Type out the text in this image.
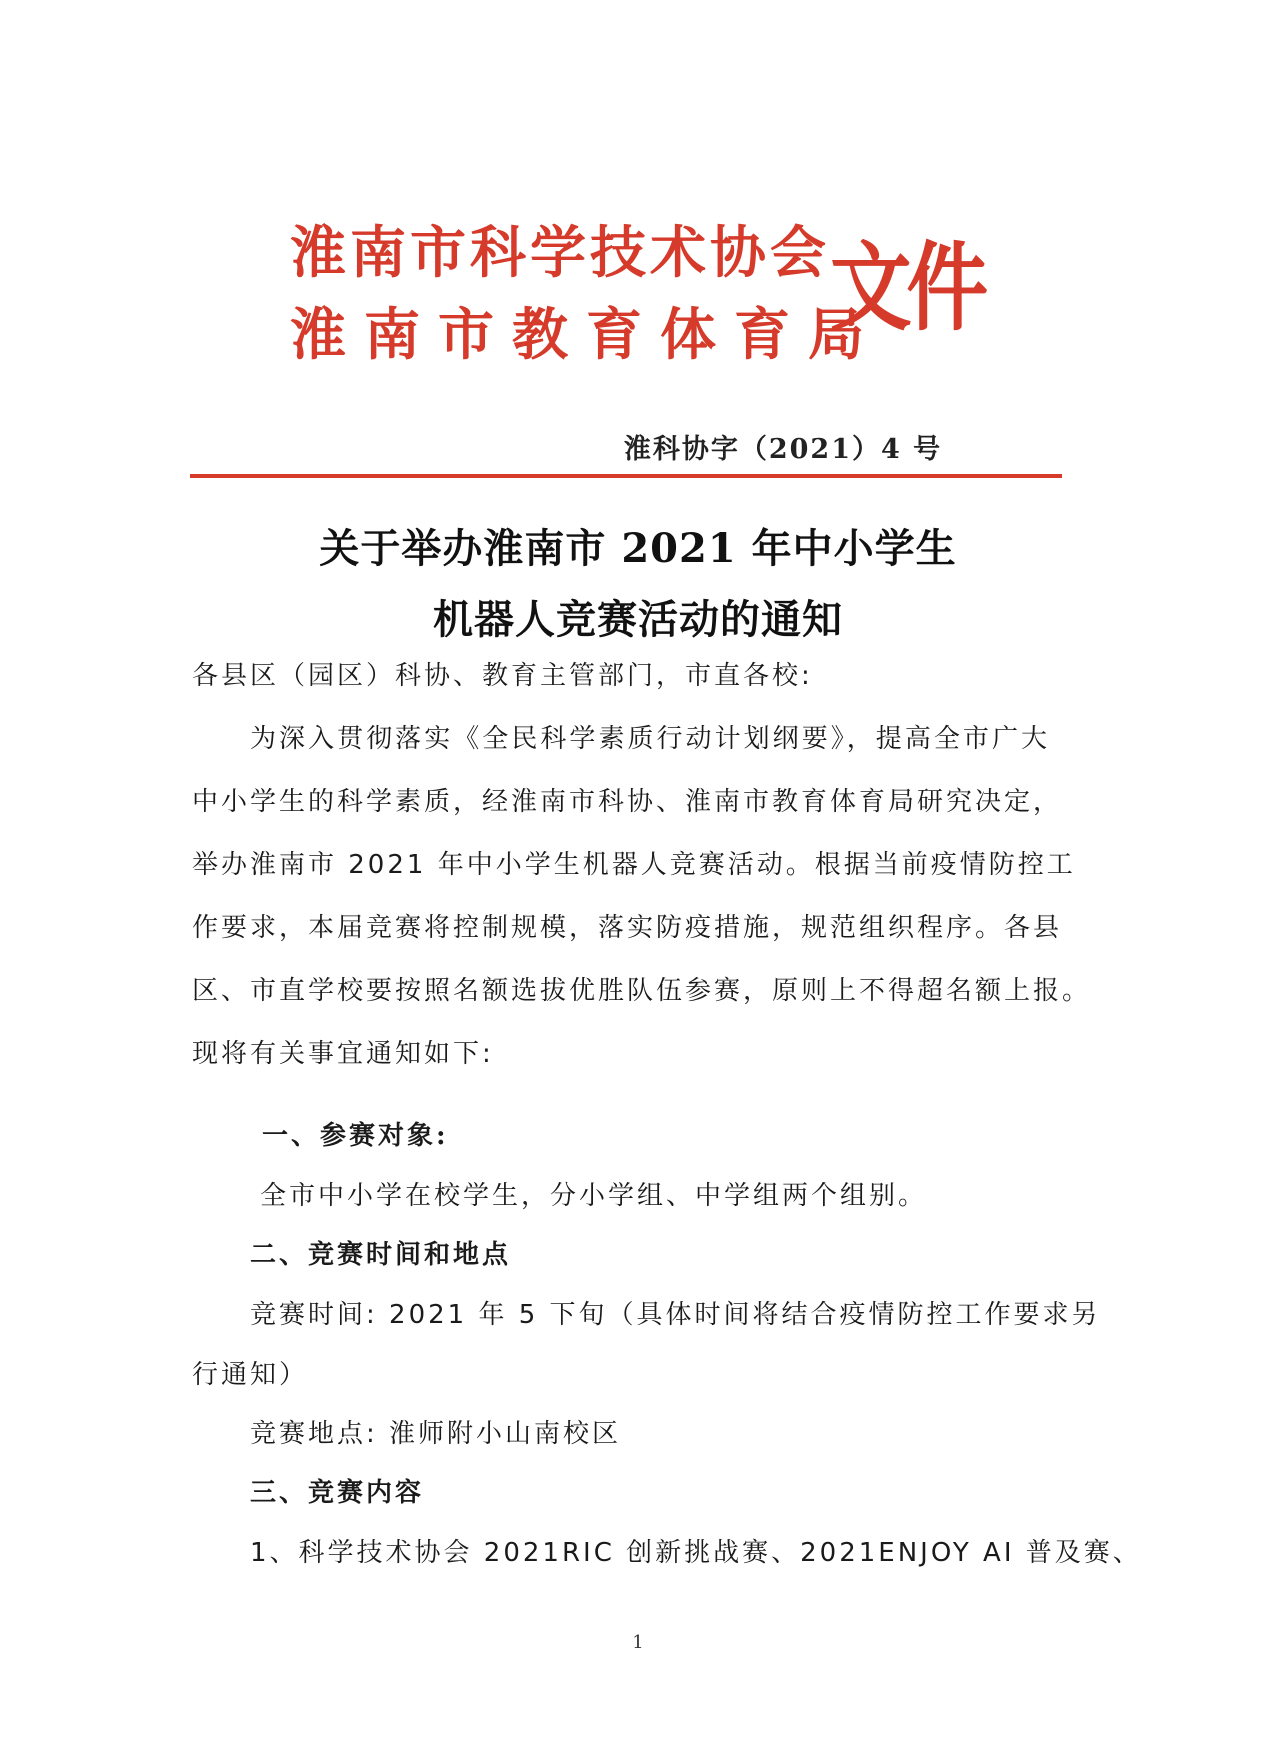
淮南市科学技术协会
淮南市教育体育局
文件
淮科协字（2021）4 号
关于举办淮南市 2021 年中小学生
机器人竞赛活动的通知
各县区（园区）科协、教育主管部门，市直各校:
为深入贯彻落实《全民科学素质行动计划纲要》，提高全市广大
中小学生的科学素质，经淮南市科协、淮南市教育体育局研究决定，
举办淮南市 2021 年中小学生机器人竞赛活动。根据当前疫情防控工
作要求，本届竞赛将控制规模，落实防疫措施，规范组织程序。各县
区、市直学校要按照名额选拔优胜队伍参赛，原则上不得超名额上报。
现将有关事宜通知如下:
一、参赛对象:
全市中小学在校学生，分小学组、中学组两个组别。
二、竞赛时间和地点
竞赛时间: 2021 年 5 下旬（具体时间将结合疫情防控工作要求另
行通知）
竞赛地点: 淮师附小山南校区
三、竞赛内容
1、科学技术协会 2021RIC 创新挑战赛、2021ENJOY AI 普及赛、
1
